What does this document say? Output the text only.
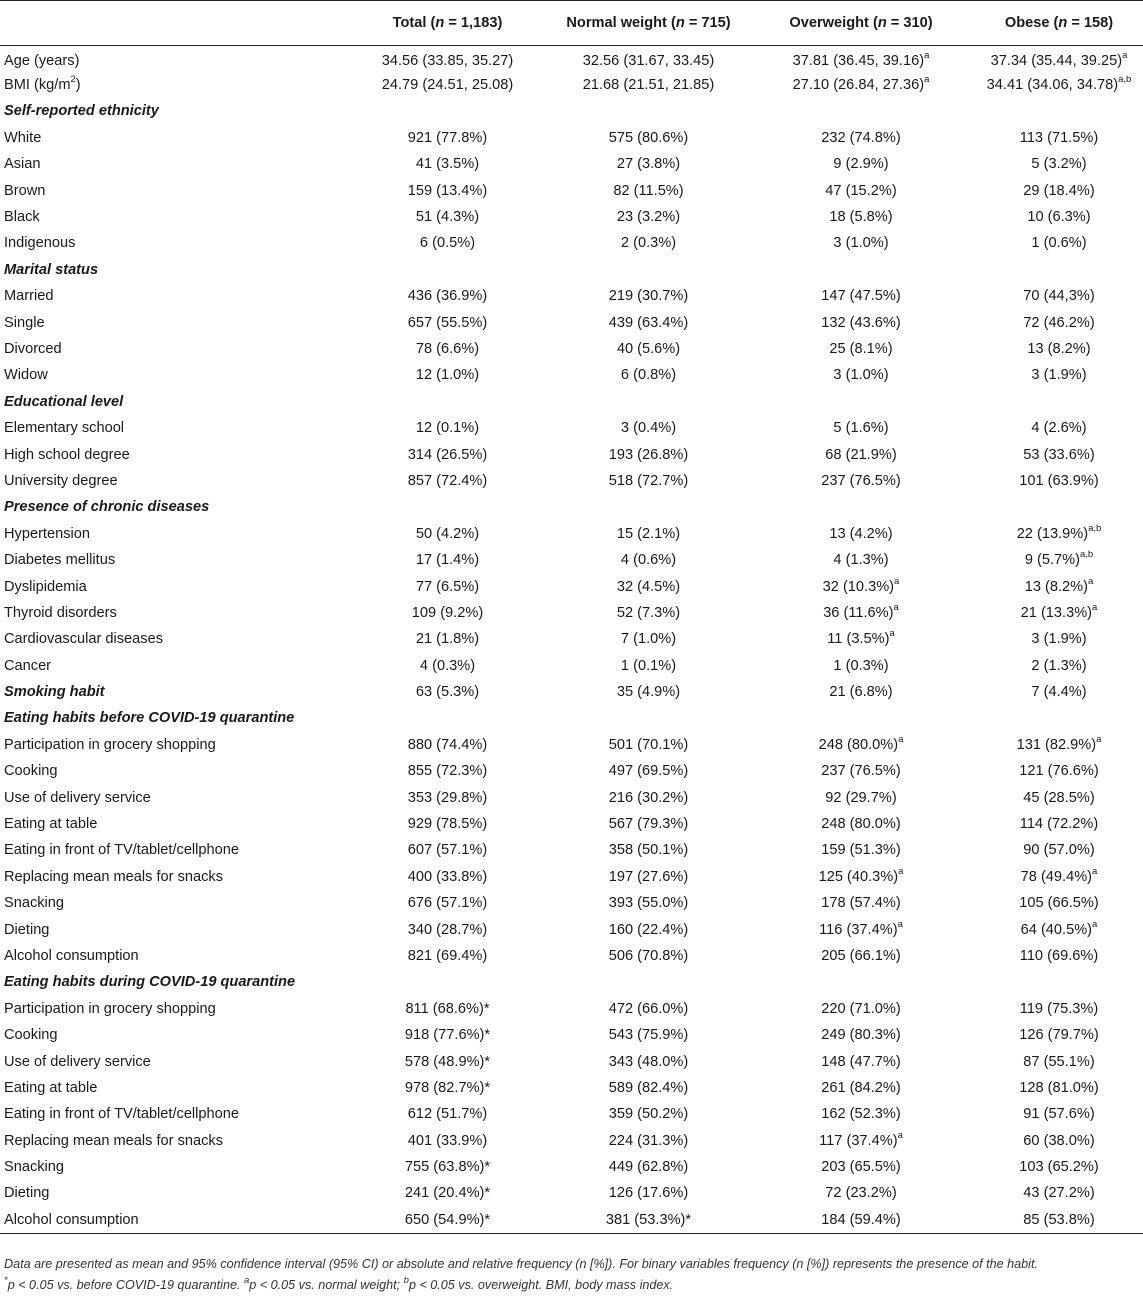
	Total (n = 1,183)	Normal weight (n = 715)	Overweight (n = 310)	Obese (n = 158)
Age (years)	34.56 (33.85, 35.27)	32.56 (31.67, 33.45)	37.81 (36.45, 39.16)$^a$	37.34 (35.44, 39.25)$^a$
BMI $(kg/m^2)$	24.79 (24.51, 25.08)	21.68 (21.51, 21.85)	27.10 (26.84, 27.36)$^a$	34.41 (34.06, 34.78)$^{a,b}$
Self-reported ethnicity				
White	921 (77.8%)	575 (80.6%)	232 (74.8%)	113 (71.5%)
Asian	41 (3.5%)	27 (3.8%)	9 (2.9%)	5 (3.2%)
Brown	159 (13.4%)	82 (11.5%)	47 (15.2%)	29 (18.4%)
Black	51 (4.3%)	23 (3.2%)	18 (5.8%)	10 (6.3%)
Indigenous	6 (0.5%)	2 (0.3%)	3 (1.0%)	1 (0.6%)
Marital status				
Married	436 (36.9%)	219 (30.7%)	147 (47.5%)	70 (44,3%)
Single	657 (55.5%)	439 (63.4%)	132 (43.6%)	72 (46.2%)
Divorced	78 (6.6%)	40 (5.6%)	25 (8.1%)	13 (8.2%)
Widow	12 (1.0%)	6 (0.8%)	3 (1.0%)	3 (1.9%)
Educational level				
Elementary school	12 (0.1%)	3 (0.4%)	5 (1.6%)	4 (2.6%)
High school degree	314 (26.5%)	193 (26.8%)	68 (21.9%)	53 (33.6%)
University degree	857 (72.4%)	518 (72.7%)	237 (76.5%)	101 (63.9%)
Presence of chronic diseases				
Hypertension	50 (4.2%)	15 (2.1%)	13 (4.2%)	22 $(13.9\%)^{a,b}$
Diabetes mellitus	17 (1.4%)	4 (0.6%)	4 (1.3%)	9 $(5.7\%)^{a,b}$
Dyslipidemia	77 (6.5%)	32 (4.5%)	32 $(10.3\%)^a$	13 $(8.2\%)^a$
Thyroid disorders	109 (9.2%)	52 (7.3%)	36 $(11.6\%)^a$	21 $(13.3\%)^a$
Cardiovascular diseases	21 (1.8%)	7 (1.0%)	11 $(3.5\%)^a$	3 (1.9%)
Cancer	4 (0.3%)	1 (0.1%)	1 (0.3%)	2 (1.3%)
Smoking habit	63 (5.3%)	35 (4.9%)	21 (6.8%)	7 (4.4%)
Eating habits before COVID-19 quarantine				
Participation in grocery shopping	880 (74.4%)	501 (70.1%)	248 $(80.0\%)^a$	131 $(82.9\%)^a$
Cooking	855 (72.3%)	497 (69.5%)	237 (76.5%)	121 (76.6%)
Use of delivery service	353 (29.8%)	216 (30.2%)	92 (29.7%)	45 (28.5%)
Eating at table	929 (78.5%)	567 (79.3%)	248 (80.0%)	114 (72.2%)
Eating in front of TV/tablet/cellphone	607 (57.1%)	358 (50.1%)	159 (51.3%)	90 (57.0%)
Replacing mean meals for snacks	400 (33.8%)	197 (27.6%)	125 $(40.3\%)^a$	78 $(49.4\%)^a$
Snacking	676 (57.1%)	393 (55.0%)	178 (57.4%)	105 (66.5%)
Dieting	340 (28.7%)	160 (22.4%)	116 $(37.4\%)^a$	64 $(40.5\%)^a$
Alcohol consumption	821 (69.4%)	506 (70.8%)	205 (66.1%)	110 (69.6%)
Eating habits during COVID-19 quarantine				
Participation in grocery shopping	811 (68.6%)*	472 (66.0%)	220 (71.0%)	119 (75.3%)
Cooking	918 (77.6%)*	543 (75.9%)	249 (80.3%)	126 (79.7%)
Use of delivery service	578 (48.9%)*	343 (48.0%)	148 (47.7%)	87 (55.1%)
Eating at table	978 (82.7%)*	589 (82.4%)	261 (84.2%)	128 (81.0%)
Eating in front of TV/tablet/cellphone	612 (51.7%)	359 (50.2%)	162 (52.3%)	91 (57.6%)
Replacing mean meals for snacks	401 (33.9%)	224 (31.3%)	117 $(37.4\%)^a$	60 (38.0%)
Snacking	755 (63.8%)*	449 (62.8%)	203 (65.5%)	103 (65.2%)
Dieting	241 (20.4%)*	126 (17.6%)	72 (23.2%)	43 (27.2%)
Alcohol consumption	650 (54.9%)*	381 (53.3%)*	184 (59.4%)	85 (53.8%)

Data are presented as mean and 95% confidence interval (95% CI) or absolute and relative frequency (n [%]). For binary variables frequency (n [%]) represents the presence of the habit.

*p < 0.05 vs. before COVID-19 quarantine. $^a$p < 0.05 vs. normal weight; $^b$p < 0.05 vs. overweight. BMI, body mass index.
